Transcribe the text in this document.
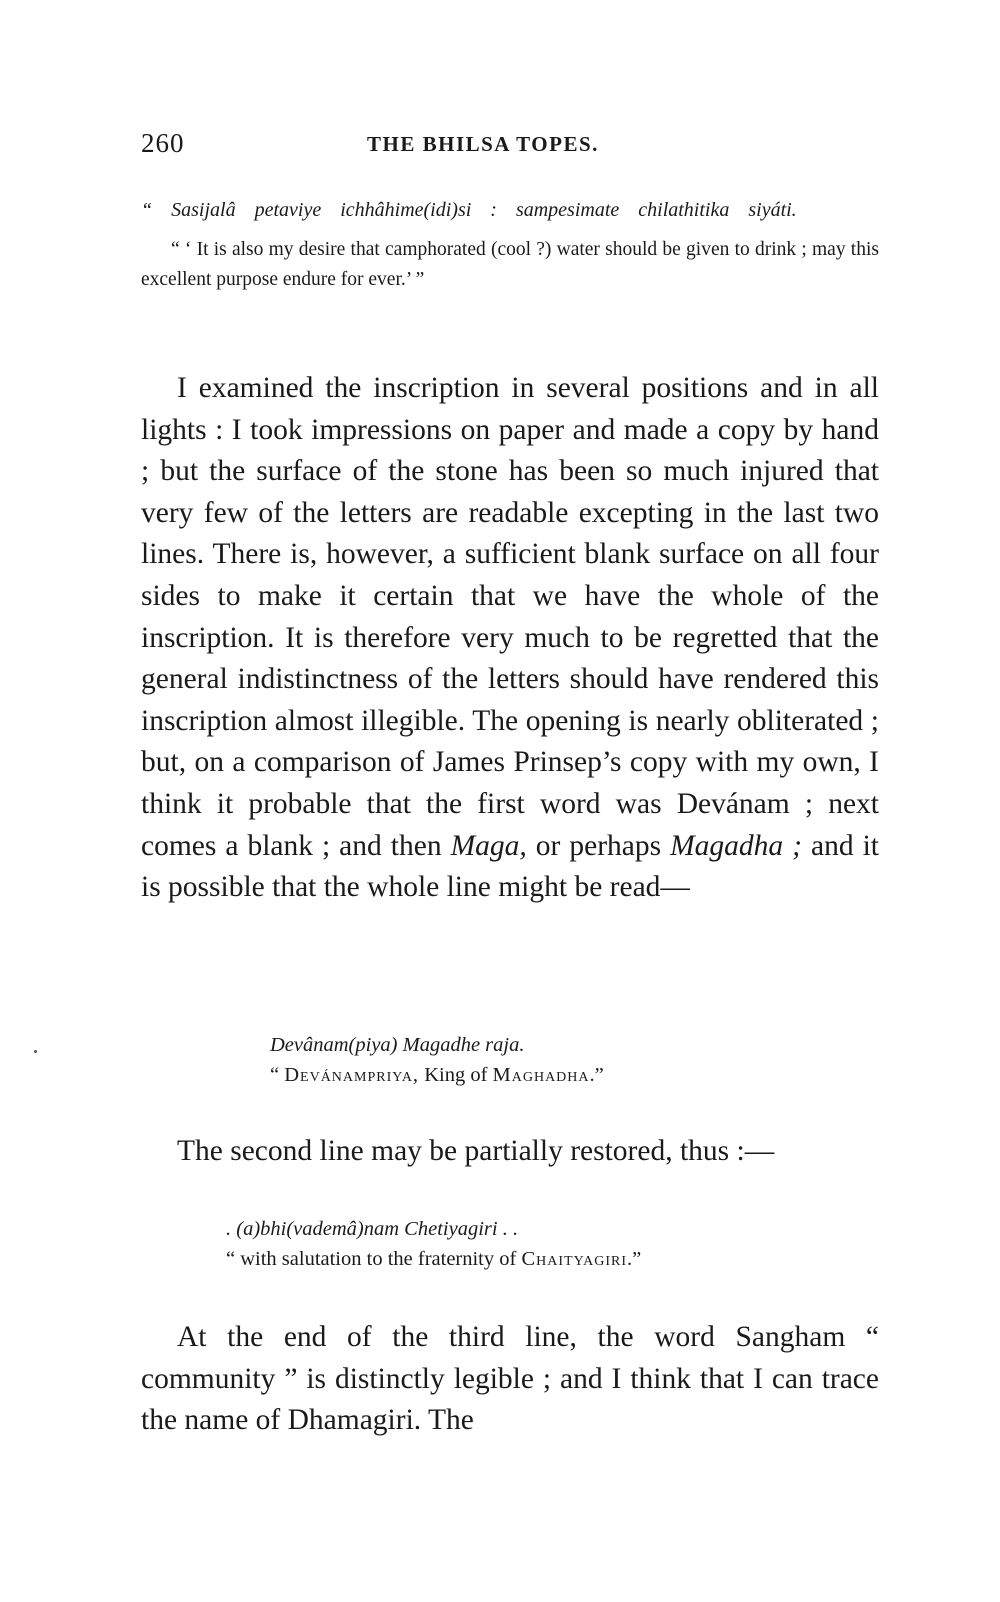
260	THE BHILSA TOPES.

“ Sasijalâ petaviye ichhâhime(idi)si : sampesimate chilathitika siyáti.

“ ‘ It is also my desire that camphorated (cool ?) water should be given to drink ; may this excellent purpose endure for ever.’ ”

I examined the inscription in several positions and in all lights : I took impressions on paper and made a copy by hand ; but the surface of the stone has been so much injured that very few of the letters are readable excepting in the last two lines. There is, however, a sufficient blank surface on all four sides to make it certain that we have the whole of the inscription. It is therefore very much to be regretted that the general indistinctness of the letters should have rendered this inscription almost illegible. The opening is nearly obliterated ; but, on a comparison of James Prinsep’s copy with my own, I think it probable that the first word was Devánam ; next comes a blank ; and then Maga, or perhaps Magadha ; and it is possible that the whole line might be read—

Devânam(piya) Magadhe raja.
“ Devánampriya, King of Maghadha.”

The second line may be partially restored, thus :—

. (a)bhi(vademâ)nam Chetiyagiri . .
“ with salutation to the fraternity of Chaityagiri.”

At the end of the third line, the word Sangham “ community ” is distinctly legible ; and I think that I can trace the name of Dhamagiri. The
